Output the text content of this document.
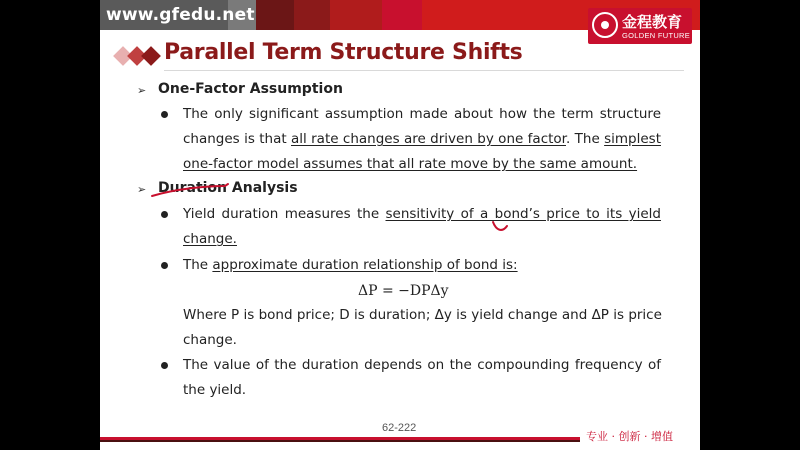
www.gfedu.net	金程教育
GOLDEN FUTURE
Parallel Term Structure Shifts
➢ One-Factor Assumption
The only significant assumption made about how the term structure
changes is that all rate changes are driven by one factor. The simplest
one-factor model assumes that all rate move by the same amount.
➢ Duration Analysis
Yield duration measures the sensitivity of a bond’s price to its yield
change.
The approximate duration relationship of bond is:
ΔP = −DPΔy
Where P is bond price; D is duration; Δy is yield change and ΔP is price
change.
The value of the duration depends on the compounding frequency of
the yield.
62-222
专业 · 创新 · 增值
